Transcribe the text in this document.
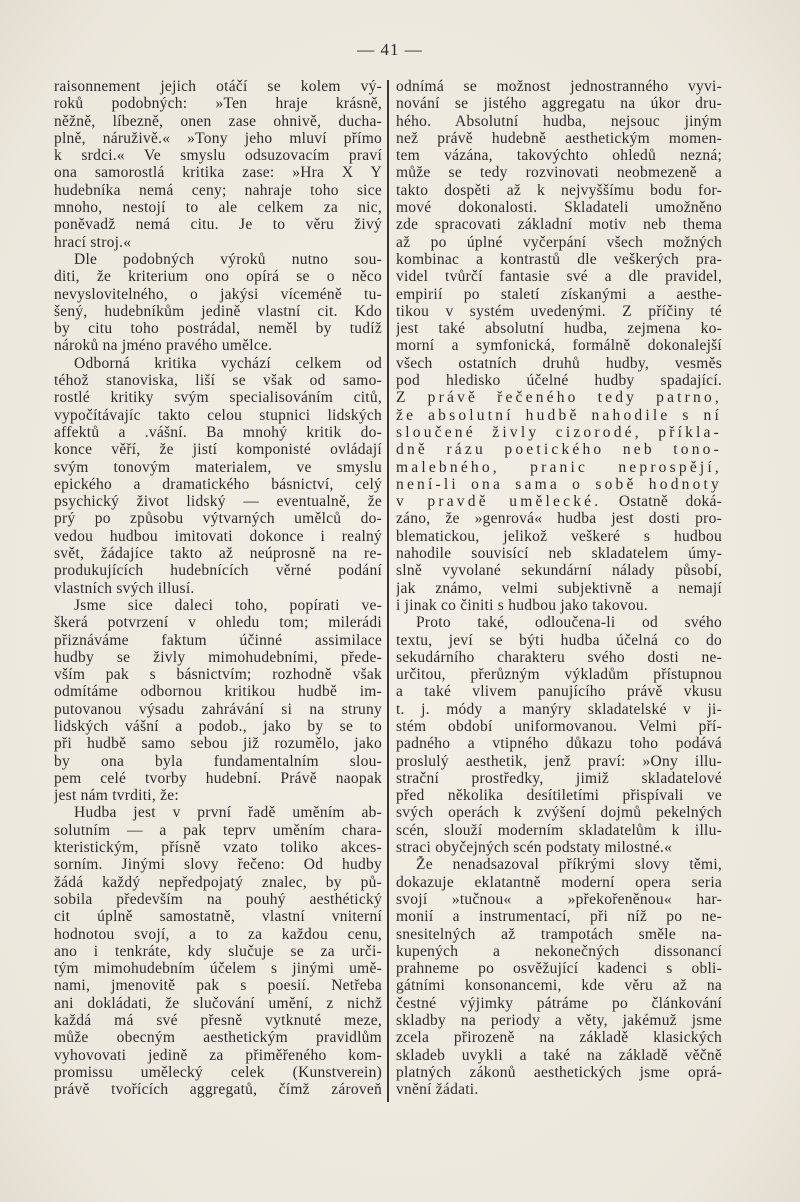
— 41 —
raisonnement jejich otáčí se kolem vý-
roků podobných: »Ten hraje krásně,
něžně, líbezně, onen zase ohnivě, ducha-
plně, náruživě.« »Tony jeho mluví přímo
k srdci.« Ve smyslu odsuzovacím praví
ona samorostlá kritika zase: »Hra X Y
hudebníka nemá ceny; nahraje toho sice
mnoho, nestojí to ale celkem za nic,
poněvadž nemá citu. Je to věru živý
hrací stroj.«
Dle podobných výroků nutno sou-
diti, že kriterium ono opírá se o něco
nevyslovitelného, o jakýsi víceméně tu-
šený, hudebníkům jedině vlastní cit. Kdo
by citu toho postrádal, neměl by tudíž
nároků na jméno pravého umělce.
Odborná kritika vychází celkem od
téhož stanoviska, liší se však od samo-
rostlé kritiky svým specialisováním citů,
vypočítávajíc takto celou stupnici lidských
affektů a .vášní. Ba mnohý kritik do-
konce věří, že jistí komponisté ovládají
svým tonovým materialem, ve smyslu
epického a dramatického básnictví, celý
psychický život lidský — eventualně, že
prý po způsobu výtvarných umělců do-
vedou hudbou imitovati dokonce i realný
svět, žádajíce takto až neúprosně na re-
produkujících hudebnících věrné podání
vlastních svých illusí.
Jsme sice daleci toho, popírati ve-
škerá potvrzení v ohledu tom; milerádi
přiznáváme faktum účinné assimilace
hudby se živly mimohudebními, přede-
vším pak s básnictvím; rozhodně však
odmítáme odbornou kritikou hudbě im-
putovanou výsadu zahrávání si na struny
lidských vášní a podob., jako by se to
při hudbě samo sebou již rozumělo, jako
by ona byla fundamentalním slou-
pem celé tvorby hudební. Právě naopak
jest nám tvrditi, že:
Hudba jest v první řadě uměním ab-
solutním — a pak teprv uměním chara-
kteristickým, přísně vzato toliko akces-
sorním. Jinými slovy řečeno: Od hudby
žádá každý nepředpojatý znalec, by pů-
sobila především na pouhý aesthétický
cit úplně samostatně, vlastní vniterní
hodnotou svojí, a to za každou cenu,
ano i tenkráte, kdy slučuje se za urči-
tým mimohudebním účelem s jinými umě-
nami, jmenovitě pak s poesií. Netřeba
ani dokládati, že slučování umění, z nichž
každá má své přesně vytknuté meze,
může obecným aesthetickým pravidlům
vyhovovati jedině za přiměřeného kom-
promissu umělecký celek (Kunstverein)
právě tvořících aggregatů, čímž zároveň
odnímá se možnost jednostranného vyvi-
nování se jistého aggregatu na úkor dru-
hého. Absolutní hudba, nejsouc jiným
než právě hudebně aesthetickým momen-
tem vázána, takovýchto ohledů nezná;
může se tedy rozvinovati neobmezeně a
takto dospěti až k nejvyššímu bodu for-
mové dokonalosti. Skladateli umožněno
zde spracovati základní motiv neb thema
až po úplné vyčerpání všech možných
kombinac a kontrastů dle veškerých pra-
videl tvůrčí fantasie své a dle pravidel,
empirií po staletí získanými a aesthe-
tikou v systém uvedenými. Z příčiny té
jest také absolutní hudba, zejmena ko-
morní a symfonická, formálně dokonalejší
všech ostatních druhů hudby, vesměs
pod hledisko účelné hudby spadající.
Z právě řečeného tedy patrno,
že absolutní hudbě nahodile s ní
sloučené živly cizorodé, příkla-
dně rázu poetického neb tono-
malebného, pranic neprospějí,
není-li ona sama o sobě hodnoty
v pravdě umělecké. Ostatně doká-
záno, že »genrová« hudba jest dosti pro-
blematickou, jelikož veškeré s hudbou
nahodile souvisící neb skladatelem úmy-
slně vyvolané sekundární nálady působí,
jak známo, velmi subjektivně a nemají
i jinak co činiti s hudbou jako takovou.
Proto také, odloučena-li od svého
textu, jeví se býti hudba účelná co do
sekudárního charakteru svého dosti ne-
určitou, přerůzným výkladům přístupnou
a také vlivem panujícího právě vkusu
t. j. módy a manýry skladatelské v ji-
stém období uniformovanou. Velmi pří-
padného a vtipného důkazu toho podává
proslulý aesthetik, jenž praví: »Ony illu-
strační prostředky, jimiž skladatelové
před několika desítiletími přispívali ve
svých operách k zvýšení dojmů pekelných
scén, slouží moderním skladatelům k illu-
straci obyčejných scén podstaty milostné.«
Že nenadsazoval příkrými slovy těmi,
dokazuje eklatantně moderní opera seria
svojí »tučnou« a »překořeněnou« har-
monií a instrumentací, při níž po ne-
snesitelných až trampotách směle na-
kupených a nekonečných dissonancí
prahneme po osvěžující kadenci s obli-
gátními konsonancemi, kde věru až na
čestné výjimky pátráme po článkování
skladby na periody a věty, jakémuž jsme
zcela přirozeně na základě klasických
skladeb uvykli a také na základě věčně
platných zákonů aesthetických jsme oprá-
vnění žádati.
